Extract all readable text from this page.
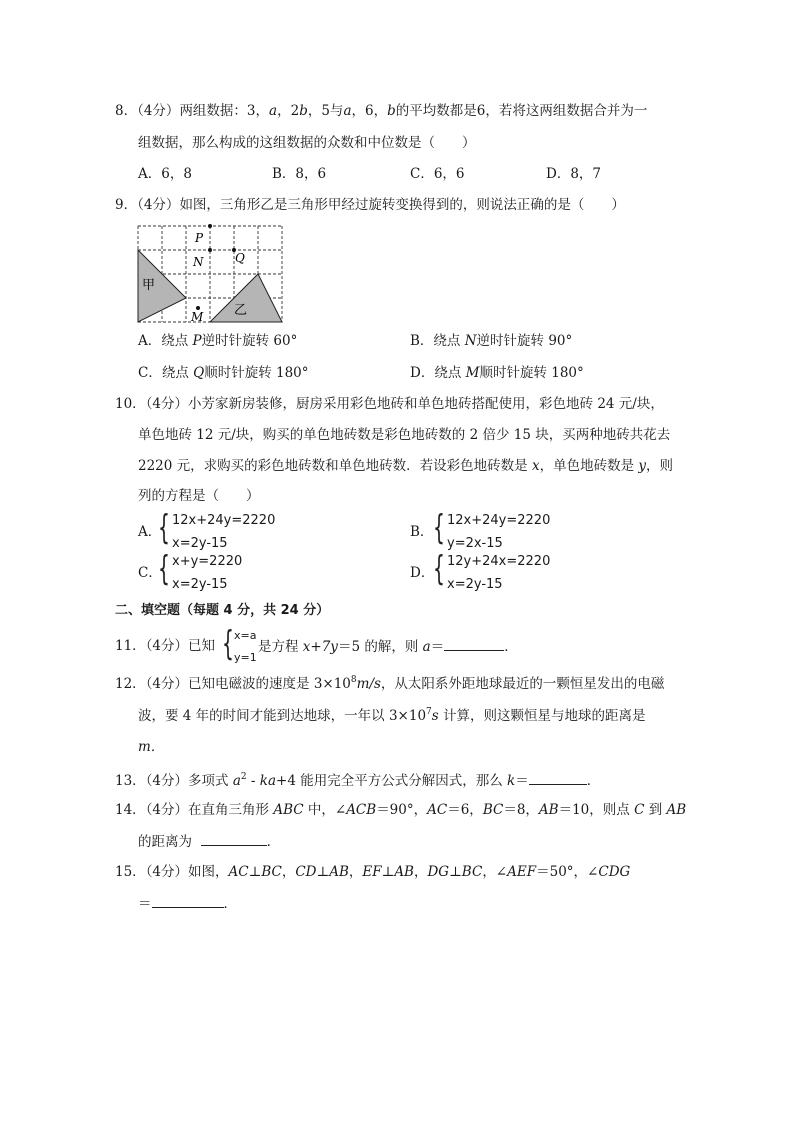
8．（4分）两组数据：3，a，2b，5与a，6，b的平均数都是6，若将这两组数据合并为一
组数据，那么构成的这组数据的众数和中位数是（　　）
A．6，8	B．8，6	C．6，6	D．8，7
9．（4分）如图，三角形乙是三角形甲经过旋转变换得到的，则说法正确的是（　　）
甲
乙
P
N	Q
M
A．绕点 P逆时针旋转 60°	B．绕点 N逆时针旋转 90°
C．绕点 Q顺时针旋转 180°	D．绕点 M顺时针旋转 180°
10．（4分）小芳家新房装修，厨房采用彩色地砖和单色地砖搭配使用，彩色地砖 24 元/块，
单色地砖 12 元/块，购买的单色地砖数是彩色地砖数的 2 倍少 15 块，买两种地砖共花去
2220 元，求购买的彩色地砖数和单色地砖数．若设彩色地砖数是 x，单色地砖数是 y，则
列的方程是（　　）
A．
{ 12x+24y=2220
x=2y-15
B． { 12x+24y=2220
y=2x-15
C．
{ x+y=2220
x=2y-15
D．
{ 12y+24x=2220
x=2y-15
二、填空题（每题 4 分，共 24 分）
11．（4分）已知 { x=a
y=1
是方程 x+7y＝5 的解，则 a＝	．
12．（4分）已知电磁波的速度是 $3\times 10^8m/s$，从太阳系外距地球最近的一颗恒星发出的电磁
波，要 4 年的时间才能到达地球，一年以 $3\times 10^7s$ 计算，则这颗恒星与地球的距离是
m．
13．（4分）多项式 $a^2 - ka+4$ 能用完全平方公式分解因式，那么 k＝	．
14．（4分）在直角三角形 ABC 中，∠ACB＝90°，AC＝6，BC＝8，AB＝10，则点 C 到 AB
的距离为	．
15．（4分）如图，AC⊥BC，CD⊥AB，EF⊥AB，DG⊥BC，∠AEF＝50°，∠CDG
＝	．
